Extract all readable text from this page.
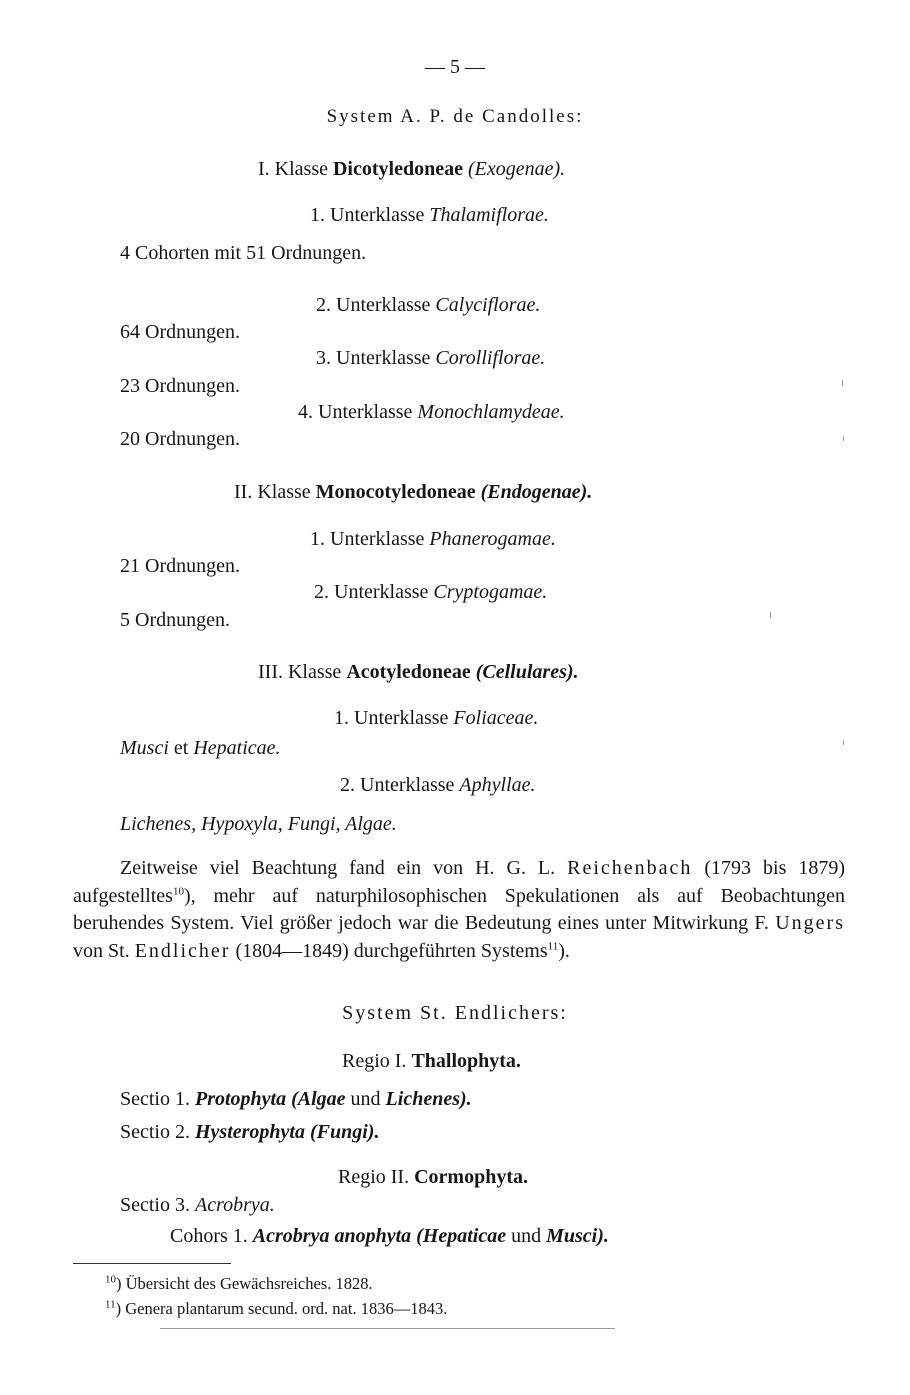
— 5 —
System A. P. de Candolles:
I. Klasse Dicotyledoneae (Exogenae).
1. Unterklasse Thalamiflorae.
4 Cohorten mit 51 Ordnungen.
2. Unterklasse Calyciflorae.
64 Ordnungen.
3. Unterklasse Corolliflorae.
23 Ordnungen.
4. Unterklasse Monochlamydeae.
20 Ordnungen.
II. Klasse Monocotyledoneae (Endogenae).
1. Unterklasse Phanerogamae.
21 Ordnungen.
2. Unterklasse Cryptogamae.
5 Ordnungen.
III. Klasse Acotyledoneae (Cellulares).
1. Unterklasse Foliaceae.
Musci et Hepaticae.
2. Unterklasse Aphyllae.
Lichenes, Hypoxyla, Fungi, Algae.

Zeitweise viel Beachtung fand ein von H. G. L. Reichenbach (1793 bis 1879) aufgestelltes$^{10}$), mehr auf naturphilosophischen Spekulationen als auf Beobachtungen beruhendes System. Viel größer jedoch war die Bedeutung eines unter Mitwirkung F. Ungers von St. Endlicher (1804—1849) durchgeführten Systems$^{11}$).

System St. Endlichers:
Regio I. Thallophyta.
Sectio 1. Protophyta (Algae und Lichenes).
Sectio 2. Hysterophyta (Fungi).
Regio II. Cormophyta.
Sectio 3. Acrobrya.
Cohors 1. Acrobrya anophyta (Hepaticae und Musci).
$^{10}$) Übersicht des Gewächsreiches. 1828.
$^{11}$) Genera plantarum secund. ord. nat. 1836—1843.
